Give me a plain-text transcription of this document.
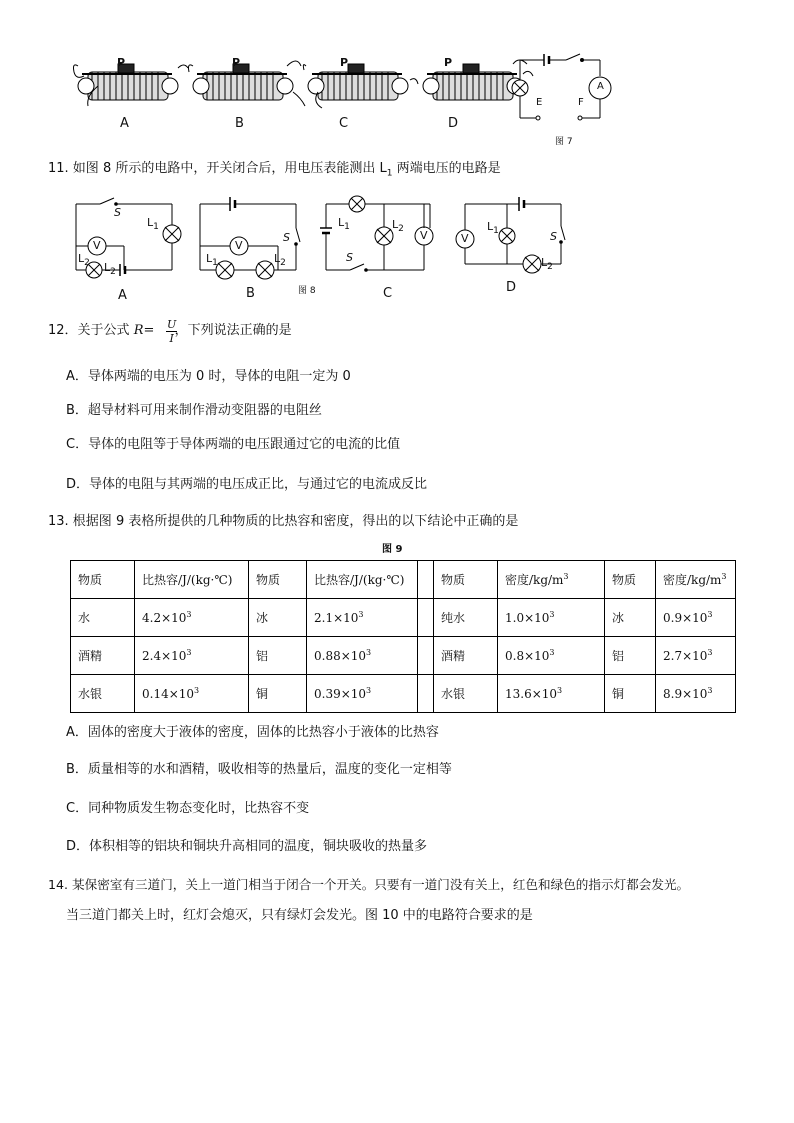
P	P	P	P
A	B	C	D
E	F
A
图 7
11. 如图 8 所示的电路中，开关闭合后，用电压表能测出 $L_1$ 两端电压的电路是
S
$L_1$
V
$L_2$ $L_2$
A
V
S
$L_1$	$L_2$
B	图 8
$L_1$	$L_2$ V
S
C
V
$L_1$	S
$L_2$
D
12．关于公式 R= U
I
，下列说法正确的是
A．导体两端的电压为 0 时，导体的电阻一定为 0
B．超导材料可用来制作滑动变阻器的电阻丝
C．导体的电阻等于导体两端的电压跟通过它的电流的比值
D．导体的电阻与其两端的电压成正比，与通过它的电流成反比
13. 根据图 9 表格所提供的几种物质的比热容和密度，得出的以下结论中正确的是
图 9
物质	比热容/J/(kg·℃)	物质	比热容/J/(kg·℃)		物质	密度$/kg/m^3$	物质	密度$/kg/m^3$
水	$4.2\times 10^3$	冰	$2.1\times 10^3$		纯水	$1.0\times 10^3$	冰	$0.9\times 10^3$
酒精	$2.4\times 10^3$	铝	$0.88\times 10^3$		酒精	$0.8\times 10^3$	铝	$2.7\times 10^3$
水银	$0.14\times 10^3$	铜	$0.39\times 10^3$		水银	$13.6\times 10^3$	铜	$8.9\times 10^3$
A．固体的密度大于液体的密度，固体的比热容小于液体的比热容
B．质量相等的水和酒精，吸收相等的热量后，温度的变化一定相等
C．同种物质发生物态变化时，比热容不变
D．体积相等的铝块和铜块升高相同的温度，铜块吸收的热量多
14. 某保密室有三道门，关上一道门相当于闭合一个开关。只要有一道门没有关上，红色和绿色的指示灯都会发光。
当三道门都关上时，红灯会熄灭，只有绿灯会发光。图 10 中的电路符合要求的是
